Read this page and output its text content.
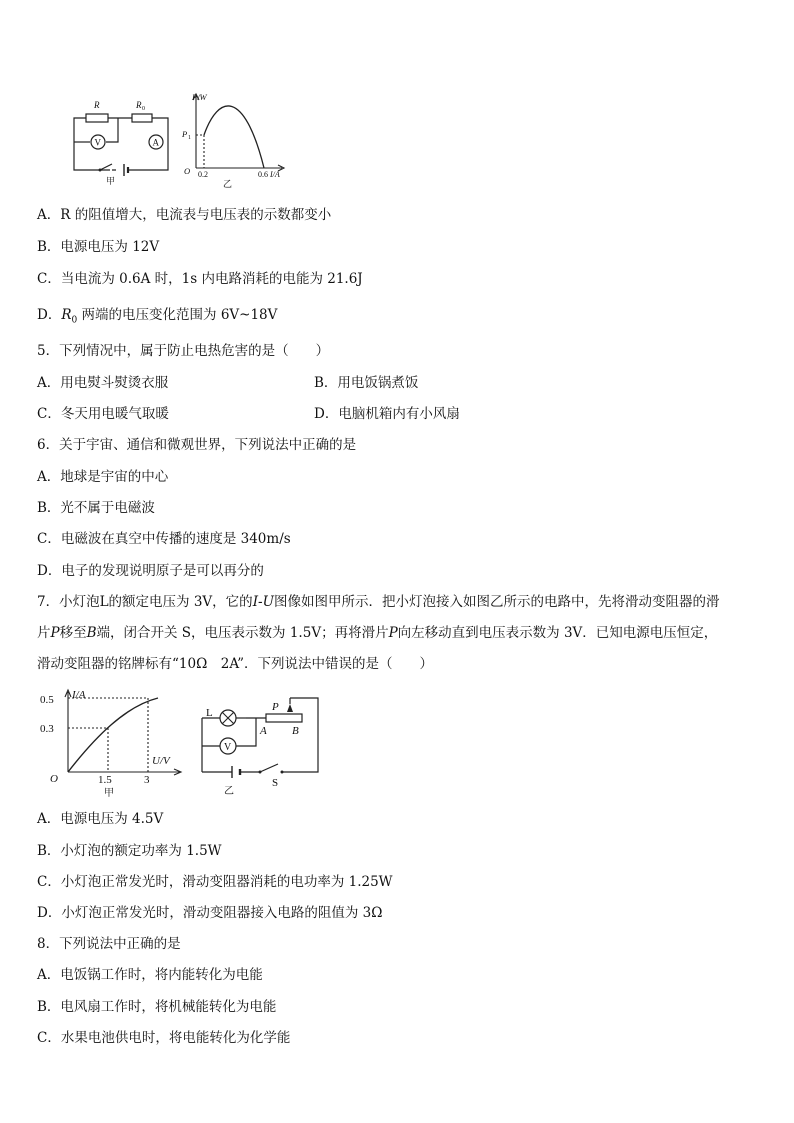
V	A
R	R 0
甲
P/W
P 1
O 0.2	0.6 I/A
乙
A．R 的阻值增大，电流表与电压表的示数都变小
B．电源电压为 12V
C．当电流为 0.6A 时，1s 内电路消耗的电能为 21.6J
D．$R_0$ 两端的电压变化范围为 6V~18V
5．下列情况中，属于防止电热危害的是（　　）
A．用电熨斗熨烫衣服	B．用电饭锅煮饭
C．冬天用电暖气取暖	D．电脑机箱内有小风扇
6．关于宇宙、通信和微观世界，下列说法中正确的是
A．地球是宇宙的中心
B．光不属于电磁波
C．电磁波在真空中传播的速度是 340m/s
D．电子的发现说明原子是可以再分的
7．小灯泡L的额定电压为 3V，它的I-U图像如图甲所示．把小灯泡接入如图乙所示的电路中，先将滑动变阻器的滑
片P移至B端，闭合开关 S，电压表示数为 1.5V；再将滑片P向左移动直到电压表示数为 3V．已知电源电压恒定，
滑动变阻器的铭牌标有“10Ω　2A”．下列说法中错误的是（　　）
I/A
0.5
0.3
O	1.5	3
U/V
甲
V
L	P
A B
S
乙
A．电源电压为 4.5V
B．小灯泡的额定功率为 1.5W
C．小灯泡正常发光时，滑动变阻器消耗的电功率为 1.25W
D．小灯泡正常发光时，滑动变阻器接入电路的阻值为 3Ω
8．下列说法中正确的是
A．电饭锅工作时，将内能转化为电能
B．电风扇工作时，将机械能转化为电能
C．水果电池供电时，将电能转化为化学能
